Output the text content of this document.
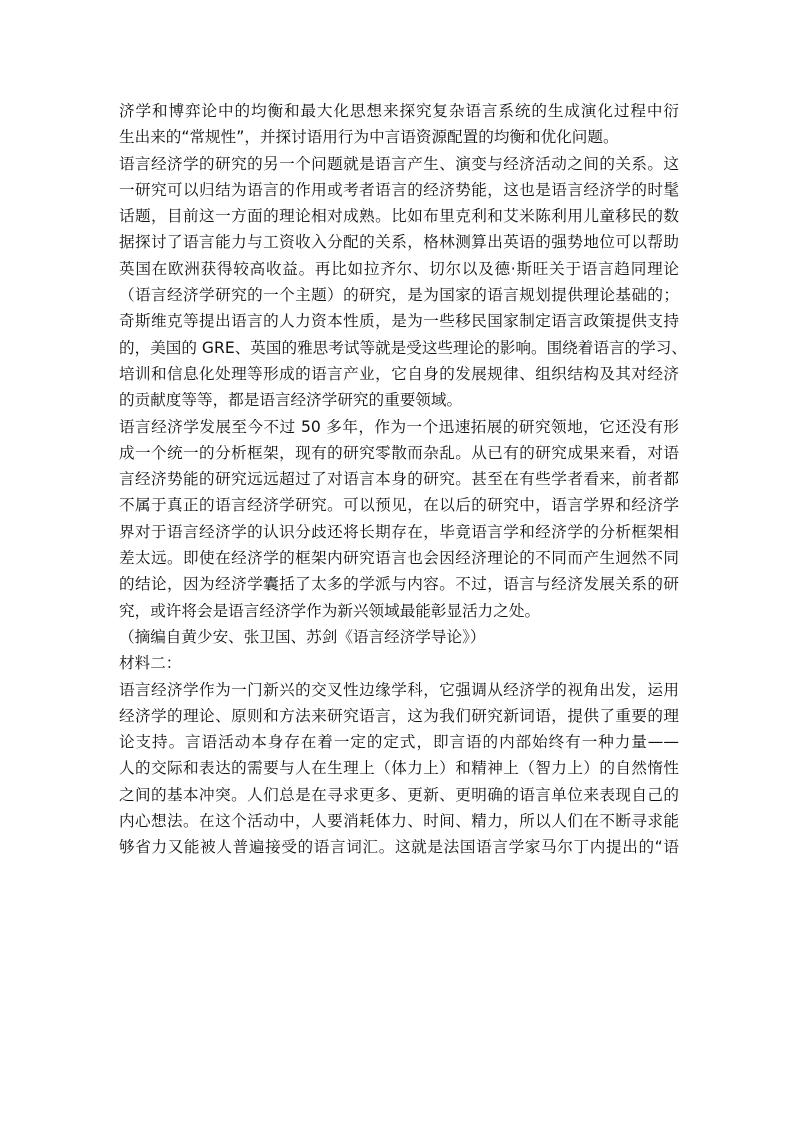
济学和博弈论中的均衡和最大化思想来探究复杂语言系统的生成演化过程中衍
生出来的“常规性”，并探讨语用行为中言语资源配置的均衡和优化问题。
语言经济学的研究的另一个问题就是语言产生、演变与经济活动之间的关系。这
一研究可以归结为语言的作用或考者语言的经济势能，这也是语言经济学的时髦
话题，目前这一方面的理论相对成熟。比如布里克利和艾米陈利用儿童移民的数
据探讨了语言能力与工资收入分配的关系，格林测算出英语的强势地位可以帮助
英国在欧洲获得较高收益。再比如拉齐尔、切尔以及德·斯旺关于语言趋同理论
（语言经济学研究的一个主题）的研究，是为国家的语言规划提供理论基础的；
奇斯维克等提出语言的人力资本性质，是为一些移民国家制定语言政策提供支持
的，美国的 GRE、英国的雅思考试等就是受这些理论的影响。围绕着语言的学习、
培训和信息化处理等形成的语言产业，它自身的发展规律、组织结构及其对经济
的贡献度等等，都是语言经济学研究的重要领域。
语言经济学发展至今不过 50 多年，作为一个迅速拓展的研究领地，它还没有形
成一个统一的分析框架，现有的研究零散而杂乱。从已有的研究成果来看，对语
言经济势能的研究远远超过了对语言本身的研究。甚至在有些学者看来，前者都
不属于真正的语言经济学研究。可以预见，在以后的研究中，语言学界和经济学
界对于语言经济学的认识分歧还将长期存在，毕竟语言学和经济学的分析框架相
差太远。即使在经济学的框架内研究语言也会因经济理论的不同而产生迥然不同
的结论，因为经济学囊括了太多的学派与内容。不过，语言与经济发展关系的研
究，或许将会是语言经济学作为新兴领域最能彰显活力之处。
（摘编自黄少安、张卫国、苏剑《语言经济学导论》）
材料二：
语言经济学作为一门新兴的交叉性边缘学科，它强调从经济学的视角出发，运用
经济学的理论、原则和方法来研究语言，这为我们研究新词语，提供了重要的理
论支持。言语活动本身存在着一定的定式，即言语的内部始终有一种力量——
人的交际和表达的需要与人在生理上（体力上）和精神上（智力上）的自然惰性
之间的基本冲突。人们总是在寻求更多、更新、更明确的语言单位来表现自己的
内心想法。在这个活动中，人要消耗体力、时间、精力，所以人们在不断寻求能
够省力又能被人普遍接受的语言词汇。这就是法国语言学家马尔丁内提出的“语
